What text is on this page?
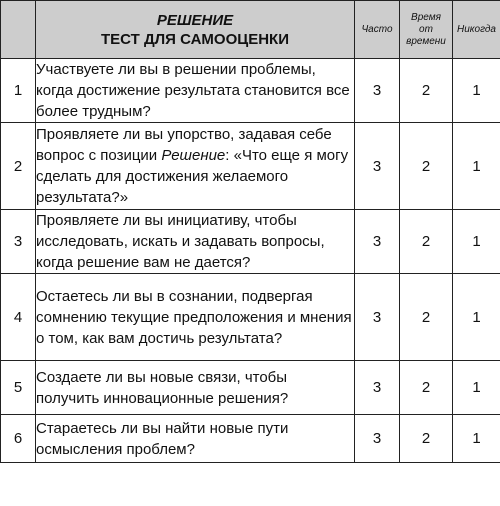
	РЕШЕНИЕ
ТЕСТ ДЛЯ САМООЦЕНКИ	Часто	Время от времени	Никогда
1	Участвуете ли вы в решении проблемы, когда достижение результата становится все более трудным?	3	2	1
2	Проявляете ли вы упорство, задавая себе вопрос с позиции Решение: «Что еще я могу сделать для достижения желаемого результата?»	3	2	1
3	Проявляете ли вы инициативу, чтобы исследовать, искать и задавать вопросы, когда решение вам не дается?	3	2	1
4	Остаетесь ли вы в сознании, подвергая сомнению текущие предположения и мнения о том, как вам достичь результата?	3	2	1
5	Создаете ли вы новые связи, чтобы получить инновационные решения?	3	2	1
6	Стараетесь ли вы найти новые пути осмысления проблем?	3	2	1
